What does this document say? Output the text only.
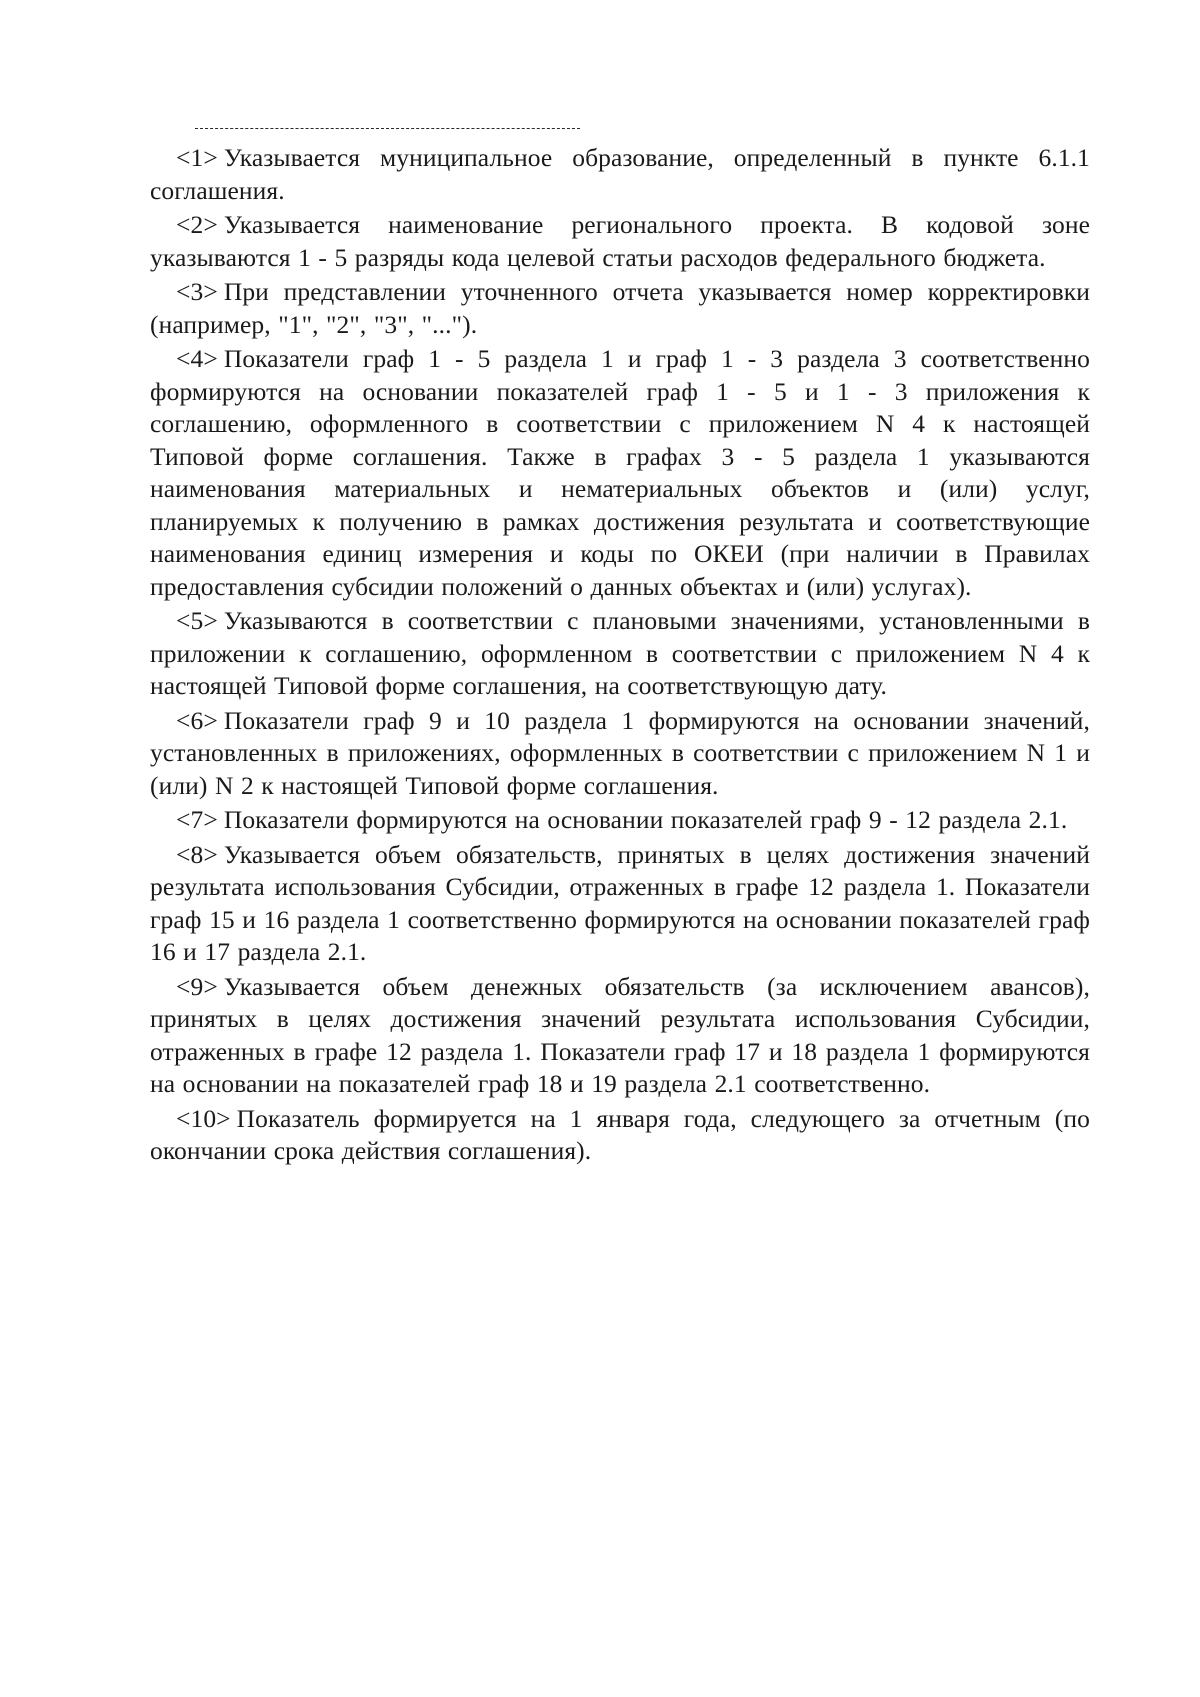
<1> Указывается муниципальное образование, определенный в пункте 6.1.1 соглашения.

<2> Указывается наименование регионального проекта. В кодовой зоне указываются 1 - 5 разряды кода целевой статьи расходов федерального бюджета.

<3> При представлении уточненного отчета указывается номер корректировки (например, "1", "2", "3", "...").

<4> Показатели граф 1 - 5 раздела 1 и граф 1 - 3 раздела 3 соответственно формируются на основании показателей граф 1 - 5 и 1 - 3 приложения к соглашению, оформленного в соответствии с приложением N 4 к настоящей Типовой форме соглашения. Также в графах 3 - 5 раздела 1 указываются наименования материальных и нематериальных объектов и (или) услуг, планируемых к получению в рамках достижения результата и соответствующие наименования единиц измерения и коды по ОКЕИ (при наличии в Правилах предоставления субсидии положений о данных объектах и (или) услугах).

<5> Указываются в соответствии с плановыми значениями, установленными в приложении к соглашению, оформленном в соответствии с приложением N 4 к настоящей Типовой форме соглашения, на соответствующую дату.

<6> Показатели граф 9 и 10 раздела 1 формируются на основании значений, установленных в приложениях, оформленных в соответствии с приложением N 1 и (или) N 2 к настоящей Типовой форме соглашения.

<7> Показатели формируются на основании показателей граф 9 - 12 раздела 2.1.

<8> Указывается объем обязательств, принятых в целях достижения значений результата использования Субсидии, отраженных в графе 12 раздела 1. Показатели граф 15 и 16 раздела 1 соответственно формируются на основании показателей граф 16 и 17 раздела 2.1.

<9> Указывается объем денежных обязательств (за исключением авансов), принятых в целях достижения значений результата использования Субсидии, отраженных в графе 12 раздела 1. Показатели граф 17 и 18 раздела 1 формируются на основании на показателей граф 18 и 19 раздела 2.1 соответственно.

<10> Показатель формируется на 1 января года, следующего за отчетным (по окончании срока действия соглашения).
